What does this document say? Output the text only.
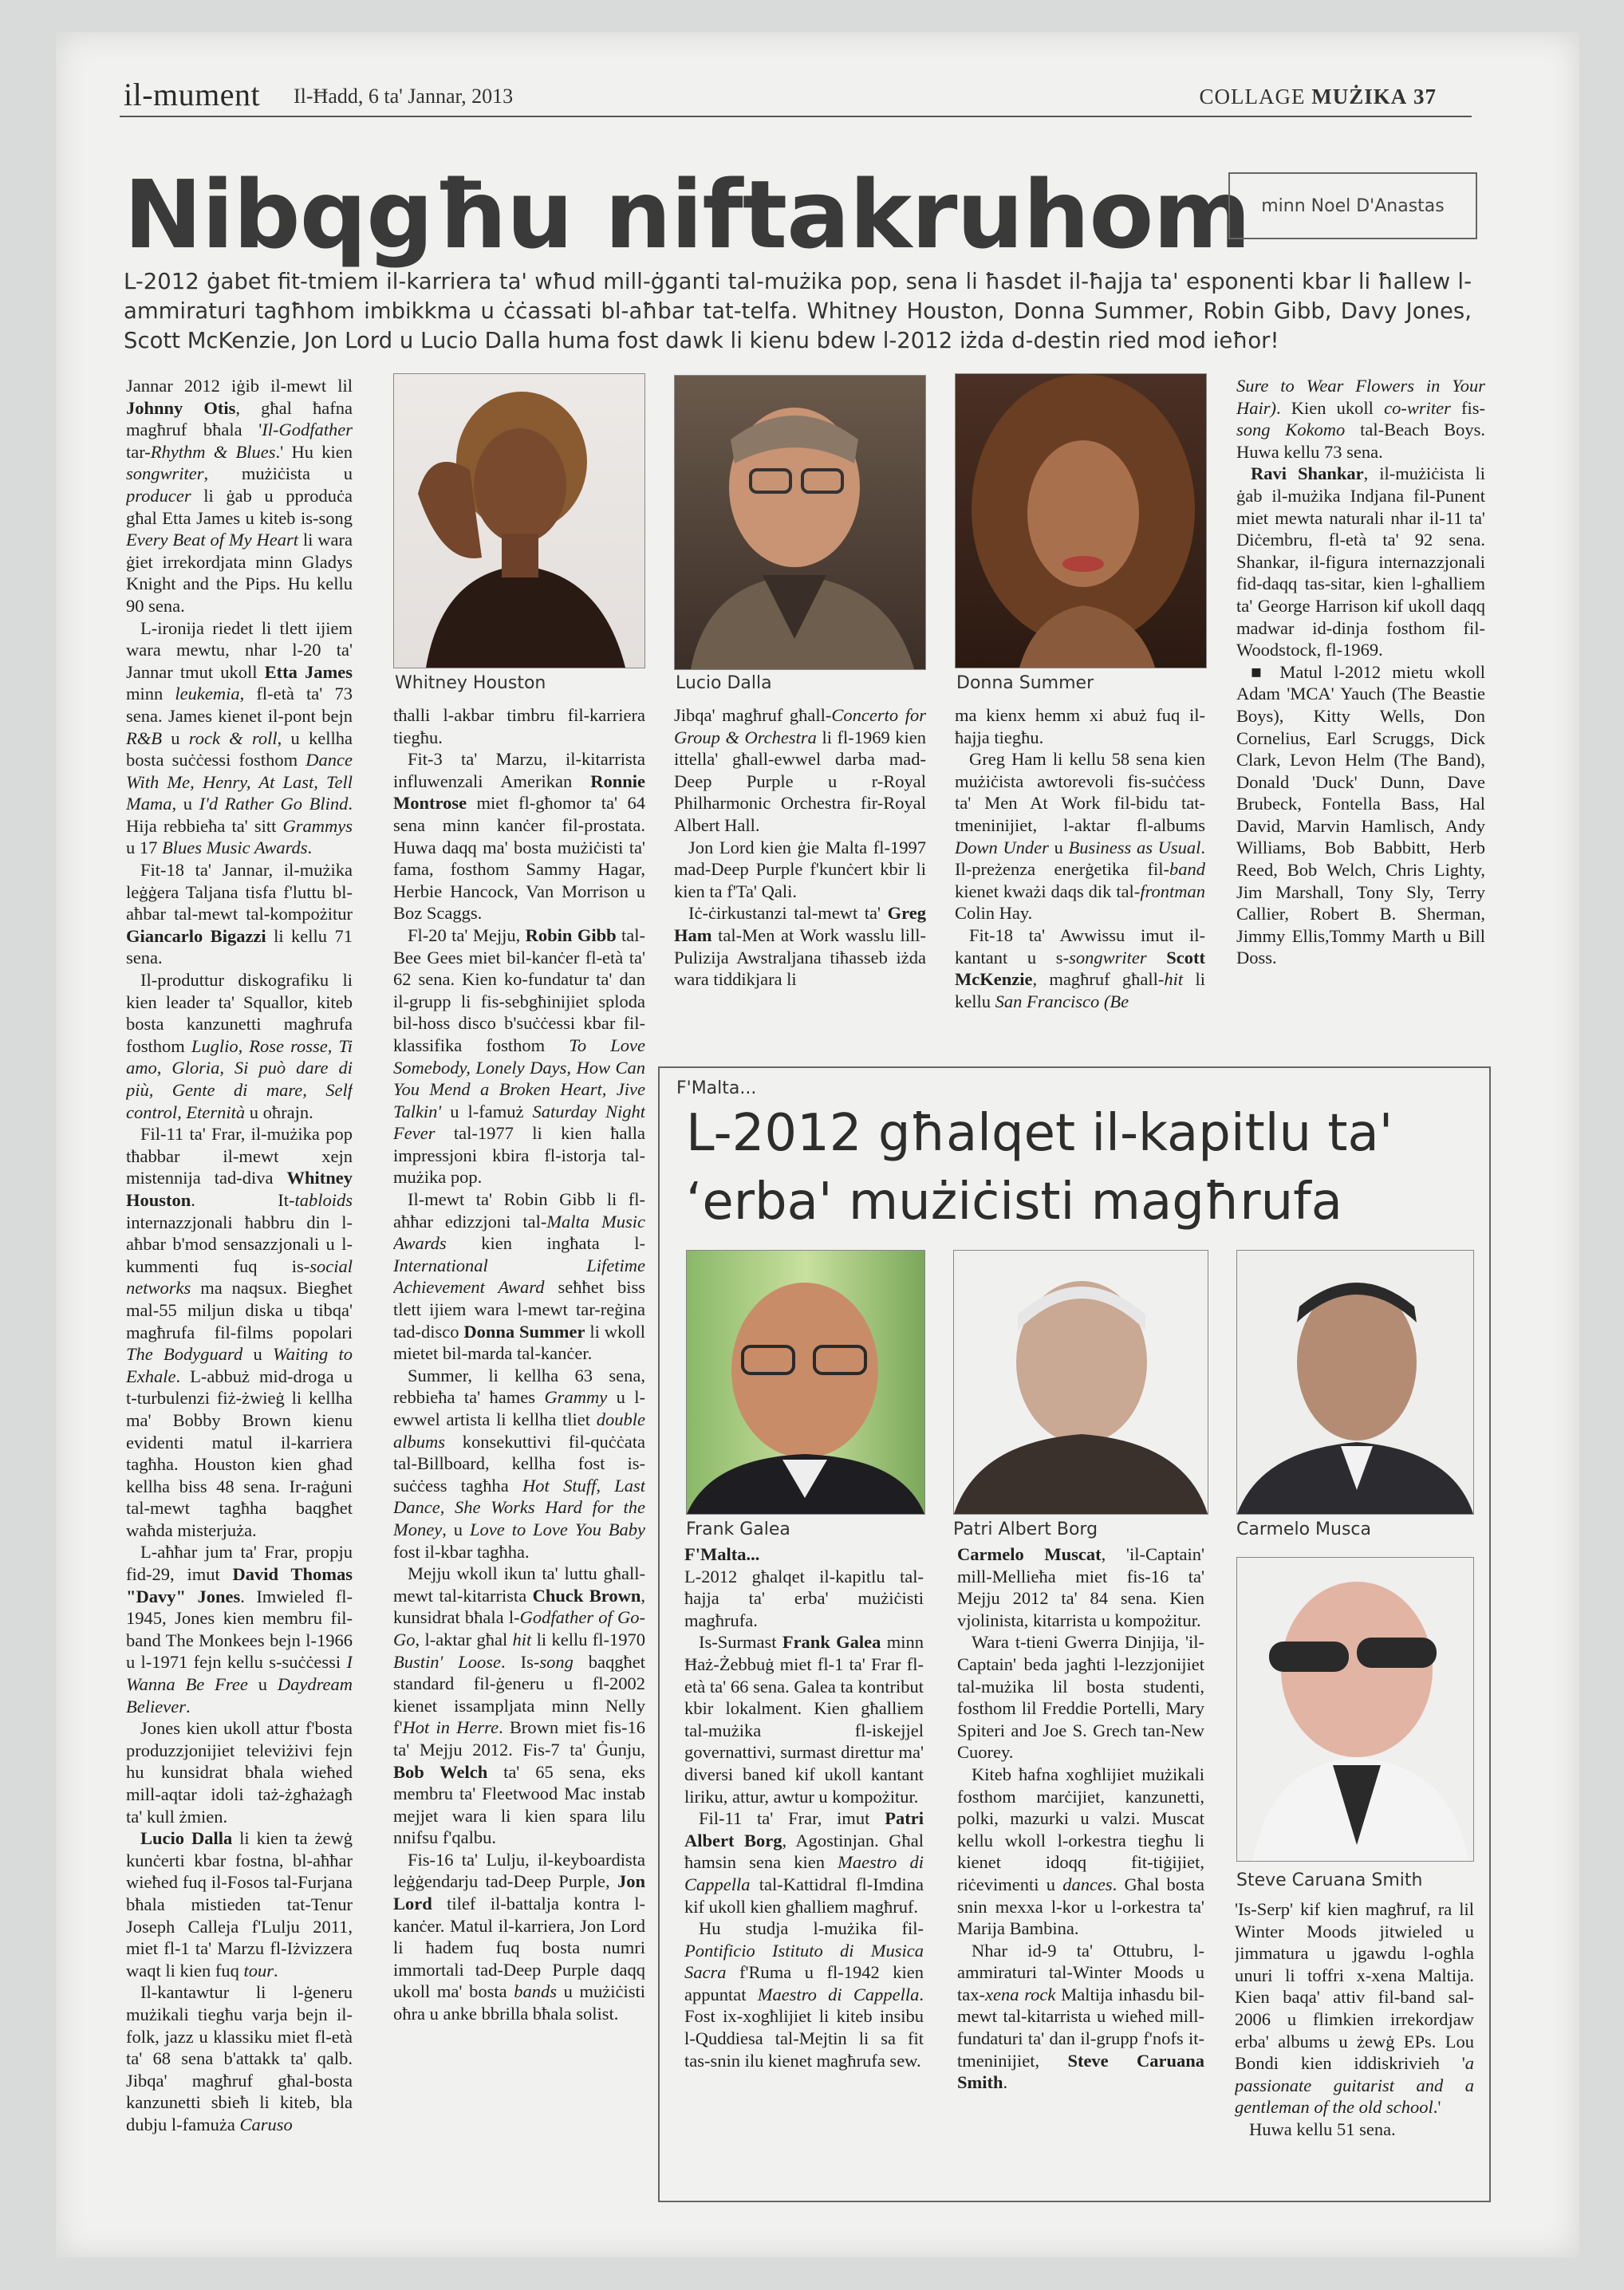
il-mument Il-Ħadd, 6 ta' Jannar, 2013	COLLAGE MUŻIKA 37
Nibqgħu niftakruhom minn Noel D'Anastas
L-2012 ġabet fit-tmiem il-karriera ta' wħud mill-ġganti tal-mużika pop, sena li ħasdet il-ħajja ta' esponenti kbar li ħallew l-ammiraturi tagħhom imbikkma u ċċassati bl-aħbar tat-telfa. Whitney Houston, Donna Summer, Robin Gibb, Davy Jones, Scott McKenzie, Jon Lord u Lucio Dalla huma fost dawk li kienu bdew l-2012 iżda d-destin ried mod ieħor!
Whitney Houston	Lucio Dalla	Donna Summer

Jannar 2012 iġib il-mewt lil Johnny Otis, għal ħafna magħruf bħala 'Il-Godfather tar-Rhythm & Blues.' Hu kien songwriter, mużiċista u producer li ġab u pproduċa għal Etta James u kiteb is-song Every Beat of My Heart li wara ġiet irrekordjata minn Gladys Knight and the Pips. Hu kellu 90 sena.

L-ironija riedet li tlett ijiem wara mewtu, nhar l-20 ta' Jannar tmut ukoll Etta James minn leukemia, fl-età ta' 73 sena. James kienet il-pont bejn R&B u rock & roll, u kellha bosta suċċessi fosthom Dance With Me, Henry, At Last, Tell Mama, u I'd Rather Go Blind. Hija rebbieħa ta' sitt Grammys u 17 Blues Music Awards.

Fit-18 ta' Jannar, il-mużika leġġera Taljana tisfa f'luttu bl-aħbar tal-mewt tal-kompożitur Giancarlo Bigazzi li kellu 71 sena.

Il-produttur diskografiku li kien leader ta' Squallor, kiteb bosta kanzunetti magħrufa fosthom Luglio, Rose rosse, Ti amo, Gloria, Si può dare di più, Gente di mare, Self control, Eternità u oħrajn.

Fil-11 ta' Frar, il-mużika pop tħabbar il-mewt xejn mistennija tad-diva Whitney Houston. It-tabloids internazzjonali ħabbru din l-aħbar b'mod sensazzjonali u l-kummenti fuq is-social networks ma naqsux. Biegħet mal-55 miljun diska u tibqa' magħrufa fil-films popolari The Bodyguard u Waiting to Exhale. L-abbuż mid-droga u t-turbulenzi fiż-żwieġ li kellha ma' Bobby Brown kienu evidenti matul il-karriera tagħha. Houston kien għad kellha biss 48 sena. Ir-raġuni tal-mewt tagħha baqgħet waħda misterjuża.

L-aħħar jum ta' Frar, propju fid-29, imut David Thomas "Davy" Jones. Imwieled fl-1945, Jones kien membru fil-band The Monkees bejn l-1966 u l-1971 fejn kellu s-suċċessi I Wanna Be Free u Daydream Believer.

Jones kien ukoll attur f'bosta produzzjonijiet televiżivi fejn hu kunsidrat bħala wieħed mill-aqtar idoli taż-żgħażagħ ta' kull żmien.

Lucio Dalla li kien ta żewġ kunċerti kbar fostna, bl-aħħar wieħed fuq il-Fosos tal-Furjana bħala mistieden tat-Tenur Joseph Calleja f'Lulju 2011, miet fl-1 ta' Marzu fl-Iżvizzera waqt li kien fuq tour.

Il-kantawtur li l-ġeneru mużikali tiegħu varja bejn il-folk, jazz u klassiku miet fl-età ta' 68 sena b'attakk ta' qalb. Jibqa' magħruf għal-bosta kanzunetti sbieħ li kiteb, bla dubju l-famuża Caruso

tħalli l-akbar timbru fil-karriera tiegħu.

Fit-3 ta' Marzu, il-kitarrista influwenzali Amerikan Ronnie Montrose miet fl-għomor ta' 64 sena minn kanċer fil-prostata. Huwa daqq ma' bosta mużiċisti ta' fama, fosthom Sammy Hagar, Herbie Hancock, Van Morrison u Boz Scaggs.

Fl-20 ta' Mejju, Robin Gibb tal-Bee Gees miet bil-kanċer fl-età ta' 62 sena. Kien ko-fundatur ta' dan il-grupp li fis-sebgħinijiet sploda bil-hoss disco b'suċċessi kbar fil-klassifika fosthom To Love Somebody, Lonely Days, How Can You Mend a Broken Heart, Jive Talkin' u l-famuż Saturday Night Fever tal-1977 li kien ħalla impressjoni kbira fl-istorja tal-mużika pop.

Il-mewt ta' Robin Gibb li fl-aħħar edizzjoni tal-Malta Music Awards kien ingħata l-International Lifetime Achievement Award seħħet biss tlett ijiem wara l-mewt tar-reġina tad-disco Donna Summer li wkoll mietet bil-marda tal-kanċer.

Summer, li kellha 63 sena, rebbieħa ta' ħames Grammy u l-ewwel artista li kellha tliet double albums konsekuttivi fil-quċċata tal-Billboard, kellha fost is-suċċess tagħha Hot Stuff, Last Dance, She Works Hard for the Money, u Love to Love You Baby fost il-kbar tagħha.

Mejju wkoll ikun ta' luttu għall-mewt tal-kitarrista Chuck Brown, kunsidrat bħala l-Godfather of Go-Go, l-aktar għal hit li kellu fl-1970 Bustin' Loose. Is-song baqgħet standard fil-ġeneru u fl-2002 kienet issampljata minn Nelly f'Hot in Herre. Brown miet fis-16 ta' Mejju 2012. Fis-7 ta' Ġunju, Bob Welch ta' 65 sena, eks membru ta' Fleetwood Mac instab mejjet wara li kien spara lilu nnifsu f'qalbu.

Fis-16 ta' Lulju, il-keyboardista leġġendarju tad-Deep Purple, Jon Lord tilef il-battalja kontra l-kanċer. Matul il-karriera, Jon Lord li ħadem fuq bosta numri immortali tad-Deep Purple daqq ukoll ma' bosta bands u mużiċisti oħra u anke bbrilla bħala solist.

Jibqa' magħruf għall-Concerto for Group & Orchestra li fl-1969 kien ittella' għall-ewwel darba mad-Deep Purple u r-Royal Philharmonic Orchestra fir-Royal Albert Hall.

Jon Lord kien ġie Malta fl-1997 mad-Deep Purple f'kunċert kbir li kien ta f'Ta' Qali.

Iċ-ċirkustanzi tal-mewt ta' Greg Ham tal-Men at Work wasslu lill-Pulizija Awstraljana tiħasseb iżda wara tiddikjara li

ma kienx hemm xi abuż fuq il-ħajja tiegħu.

Greg Ham li kellu 58 sena kien mużiċista awtorevoli fis-suċċess ta' Men At Work fil-bidu tat-tmeninijiet, l-aktar fl-albums Down Under u Business as Usual. Il-preżenza enerġetika fil-band kienet kważi daqs dik tal-frontman Colin Hay.

Fit-18 ta' Awwissu imut il-kantant u s-songwriter Scott McKenzie, magħruf għall-hit li kellu San Francisco (Be

Sure to Wear Flowers in Your Hair). Kien ukoll co-writer fis-song Kokomo tal-Beach Boys. Huwa kellu 73 sena.

Ravi Shankar, il-mużiċista li ġab il-mużika Indjana fil-Punent miet mewta naturali nhar il-11 ta' Diċembru, fl-età ta' 92 sena. Shankar, il-figura internazzjonali fid-daqq tas-sitar, kien l-għalliem ta' George Harrison kif ukoll daqq madwar id-dinja fosthom fil-Woodstock, fl-1969.

■ Matul l-2012 mietu wkoll Adam 'MCA' Yauch (The Beastie Boys), Kitty Wells, Don Cornelius, Earl Scruggs, Dick Clark, Levon Helm (The Band), Donald 'Duck' Dunn, Dave Brubeck, Fontella Bass, Hal David, Marvin Hamlisch, Andy Williams, Bob Babbitt, Herb Reed, Bob Welch, Chris Lighty, Jim Marshall, Tony Sly, Terry Callier, Robert B. Sherman, Jimmy Ellis,Tommy Marth u Bill Doss.

F'Malta...
L-2012 għalqet il-kapitlu ta' ‘erba' mużiċisti magħrufa
Frank Galea	Patri Albert Borg	Carmelo Musca
Steve Caruana Smith

F'Malta...
L-2012 għalqet il-kapitlu tal-ħajja ta' erba' mużiċisti magħrufa.

Is-Surmast Frank Galea minn Ħaż-Żebbuġ miet fl-1 ta' Frar fl-età ta' 66 sena. Galea ta kontribut kbir lokalment. Kien għalliem tal-mużika fl-iskejjel governattivi, surmast direttur ma' diversi baned kif ukoll kantant liriku, attur, awtur u kompożitur.

Fil-11 ta' Frar, imut Patri Albert Borg, Agostinjan. Għal ħamsin sena kien Maestro di Cappella tal-Kattidral fl-Imdina kif ukoll kien għalliem magħruf.

Hu studja l-mużika fil-Pontificio Istituto di Musica Sacra f'Ruma u fl-1942 kien appuntat Maestro di Cappella. Fost ix-xogħlijiet li kiteb insibu l-Quddiesa tal-Mejtin li sa fit tas-snin ilu kienet magħrufa sew.

Carmelo Muscat, 'il-Captain' mill-Mellieħa miet fis-16 ta' Mejju 2012 ta' 84 sena. Kien vjolinista, kitarrista u kompożitur.

Wara t-tieni Gwerra Dinjija, 'il-Captain' beda jagħti l-lezzjonijiet tal-mużika lil bosta studenti, fosthom lil Freddie Portelli, Mary Spiteri and Joe S. Grech tan-New Cuorey.

Kiteb ħafna xogħlijiet mużikali fosthom marċijiet, kanzunetti, polki, mazurki u valzi. Muscat kellu wkoll l-orkestra tiegħu li kienet idoqq fit-tiġijiet, riċevimenti u dances. Għal bosta snin mexxa l-kor u l-orkestra ta' Marija Bambina.

Nhar id-9 ta' Ottubru, l-ammiraturi tal-Winter Moods u tax-xena rock Maltija inħasdu bil-mewt tal-kitarrista u wieħed mill-fundaturi ta' dan il-grupp f'nofs it-tmeninijiet, Steve Caruana Smith.

'Is-Serp' kif kien magħruf, ra lil Winter Moods jitwieled u jimmatura u jgawdu l-ogħla unuri li toffri x-xena Maltija. Kien baqa' attiv fil-band sal-2006 u flimkien irrekordjaw erba' albums u żewġ EPs. Lou Bondi kien iddiskrivieh 'a passionate guitarist and a gentleman of the old school.'

Huwa kellu 51 sena.
